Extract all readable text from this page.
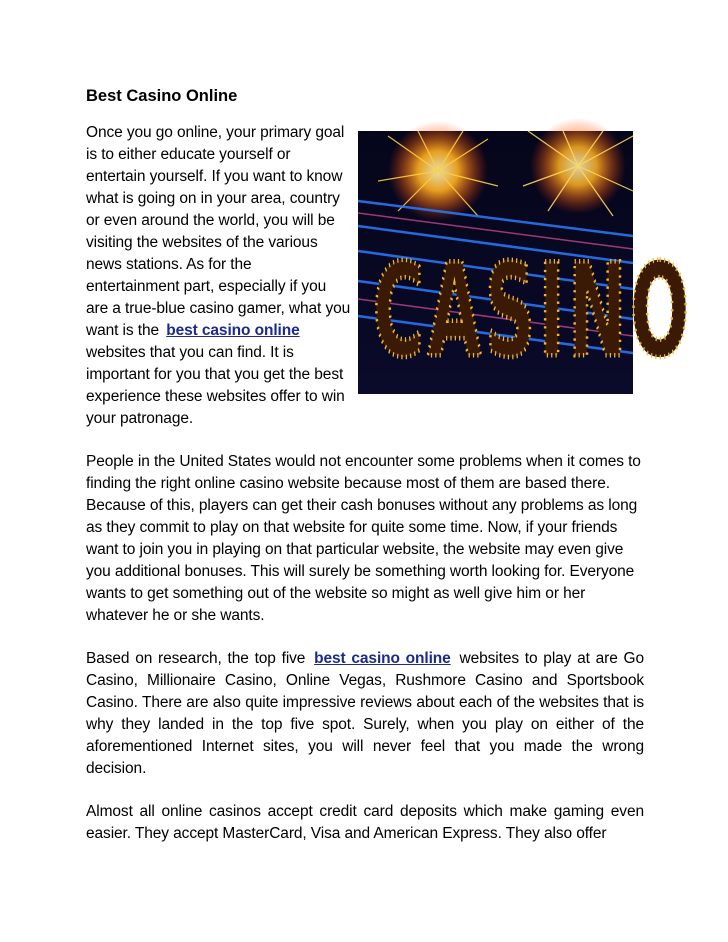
CASINO
Best Casino Online
Once you go online, your primary goal
is to either educate yourself or
entertain yourself. If you want to know
what is going on in your area, country
or even around the world, you will be
visiting the websites of the various
news stations. As for the
entertainment part, especially if you
are a true-blue casino gamer, what you
want is the best casino online
websites that you can find. It is
important for you that you get the best
experience these websites offer to win
your patronage.

People in the United States would not encounter some problems when it comes to finding the right online casino website because most of them are based there. Because of this, players can get their cash bonuses without any problems as long as they commit to play on that website for quite some time. Now, if your friends want to join you in playing on that particular website, the website may even give you additional bonuses. This will surely be something worth looking for. Everyone wants to get something out of the website so might as well give him or her whatever he or she wants.

Based on research, the top five best casino online websites to play at are Go Casino, Millionaire Casino, Online Vegas, Rushmore Casino and Sportsbook Casino. There are also quite impressive reviews about each of the websites that is why they landed in the top five spot. Surely, when you play on either of the aforementioned Internet sites, you will never feel that you made the wrong decision.

Almost all online casinos accept credit card deposits which make gaming even easier. They accept MasterCard, Visa and American Express. They also offer
